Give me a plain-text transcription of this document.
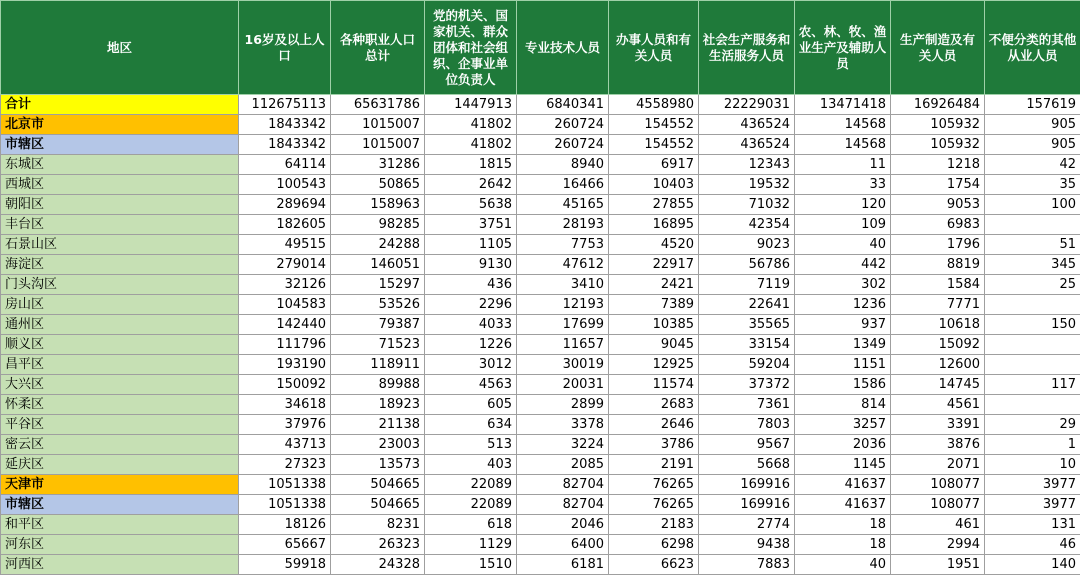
地区	16岁及以上人口	各种职业人口总计	党的机关、国家机关、群众团体和社会组织、企事业单位负责人	专业技术人员	办事人员和有关人员	社会生产服务和生活服务人员	农、林、牧、渔业生产及辅助人员	生产制造及有关人员	不便分类的其他从业人员
合计	112675113	65631786	1447913	6840341	4558980	22229031	13471418	16926484	157619
北京市	1843342	1015007	41802	260724	154552	436524	14568	105932	905
市辖区	1843342	1015007	41802	260724	154552	436524	14568	105932	905
东城区	64114	31286	1815	8940	6917	12343	11	1218	42
西城区	100543	50865	2642	16466	10403	19532	33	1754	35
朝阳区	289694	158963	5638	45165	27855	71032	120	9053	100
丰台区	182605	98285	3751	28193	16895	42354	109	6983	
石景山区	49515	24288	1105	7753	4520	9023	40	1796	51
海淀区	279014	146051	9130	47612	22917	56786	442	8819	345
门头沟区	32126	15297	436	3410	2421	7119	302	1584	25
房山区	104583	53526	2296	12193	7389	22641	1236	7771	
通州区	142440	79387	4033	17699	10385	35565	937	10618	150
顺义区	111796	71523	1226	11657	9045	33154	1349	15092	
昌平区	193190	118911	3012	30019	12925	59204	1151	12600	
大兴区	150092	89988	4563	20031	11574	37372	1586	14745	117
怀柔区	34618	18923	605	2899	2683	7361	814	4561	
平谷区	37976	21138	634	3378	2646	7803	3257	3391	29
密云区	43713	23003	513	3224	3786	9567	2036	3876	1
延庆区	27323	13573	403	2085	2191	5668	1145	2071	10
天津市	1051338	504665	22089	82704	76265	169916	41637	108077	3977
市辖区	1051338	504665	22089	82704	76265	169916	41637	108077	3977
和平区	18126	8231	618	2046	2183	2774	18	461	131
河东区	65667	26323	1129	6400	6298	9438	18	2994	46
河西区	59918	24328	1510	6181	6623	7883	40	1951	140
